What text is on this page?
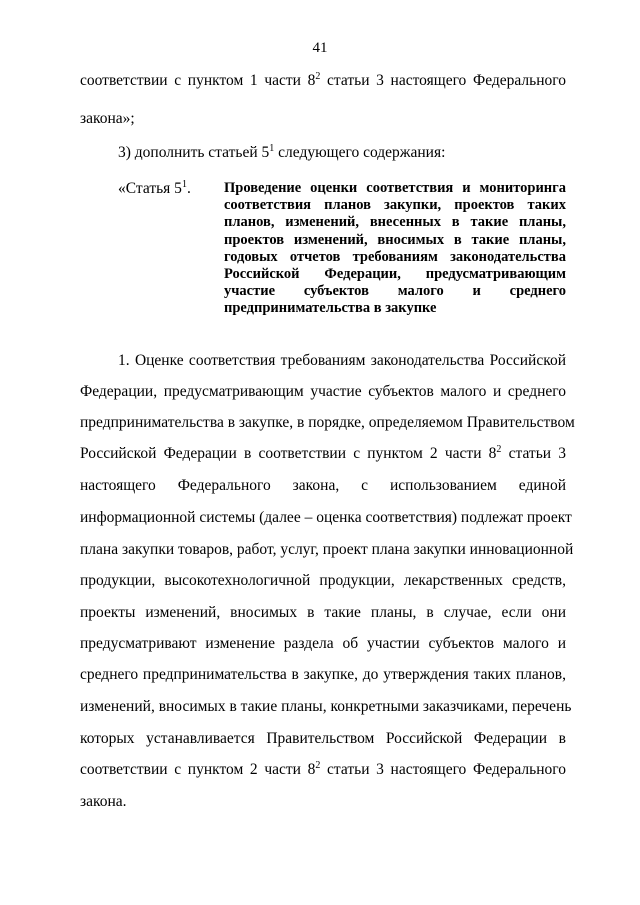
41
соответствии с пунктом 1 части $8^2$ статьи 3 настоящего Федерального
закона»;
3) дополнить статьей $5^1$ следующего содержания:
«Статья $5^1$. Проведение оценки соответствия и мониторинга
соответствия планов закупки, проектов таких
планов, изменений, внесенных в такие планы,
проектов изменений, вносимых в такие планы,
годовых отчетов требованиям законодательства
Российской Федерации, предусматривающим
участие субъектов малого и среднего
предпринимательства в закупке
1. Оценке соответствия требованиям законодательства Российской
Федерации, предусматривающим участие субъектов малого и среднего
предпринимательства в закупке, в порядке, определяемом Правительством
Российской Федерации в соответствии с пунктом 2 части $8^2$ статьи 3
настоящего Федерального закона, с использованием единой
информационной системы (далее – оценка соответствия) подлежат проект
плана закупки товаров, работ, услуг, проект плана закупки инновационной
продукции, высокотехнологичной продукции, лекарственных средств,
проекты изменений, вносимых в такие планы, в случае, если они
предусматривают изменение раздела об участии субъектов малого и
среднего предпринимательства в закупке, до утверждения таких планов,
изменений, вносимых в такие планы, конкретными заказчиками, перечень
которых устанавливается Правительством Российской Федерации в
соответствии с пунктом 2 части $8^2$ статьи 3 настоящего Федерального
закона.
